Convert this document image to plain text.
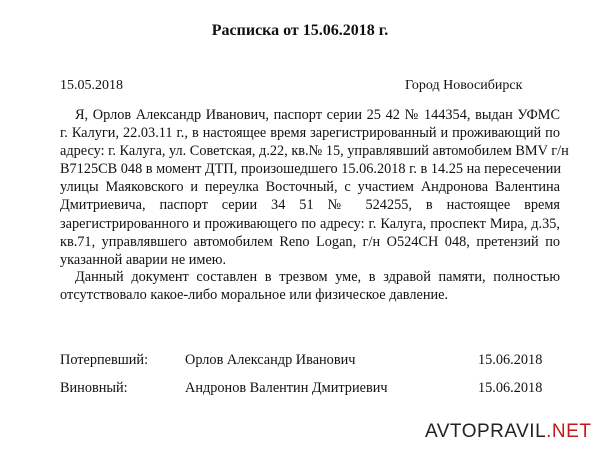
Расписка от 15.06.2018 г.
15.05.2018	Город Новосибирск
Я, Орлов Александр Иванович, паспорт серии 25 42 № 144354, выдан УФМС
г. Калуги, 22.03.11 г., в настоящее время зарегистрированный и проживающий по
адресу: г. Калуга, ул. Советская, д.22, кв.№ 15, управлявший автомобилем BMV г/н
В7125СВ 048 в момент ДТП, произошедшего 15.06.2018 г. в 14.25 на пересечении
улицы Маяковского и переулка Восточный, с участием Андронова Валентина
Дмитриевича, паспорт серии 34 51 № 524255, в настоящее время
зарегистрированного и проживающего по адресу: г. Калуга, проспект Мира, д.35,
кв.71, управлявшего автомобилем Reno Logan, г/н О524СН 048, претензий по
указанной аварии не имею.
Данный документ составлен в трезвом уме, в здравой памяти, полностью
отсутствовало какое-либо моральное или физическое давление.
Потерпевший:	Орлов Александр Иванович	15.06.2018
Виновный:	Андронов Валентин Дмитриевич	15.06.2018
AVTOPRAVIL.NET
